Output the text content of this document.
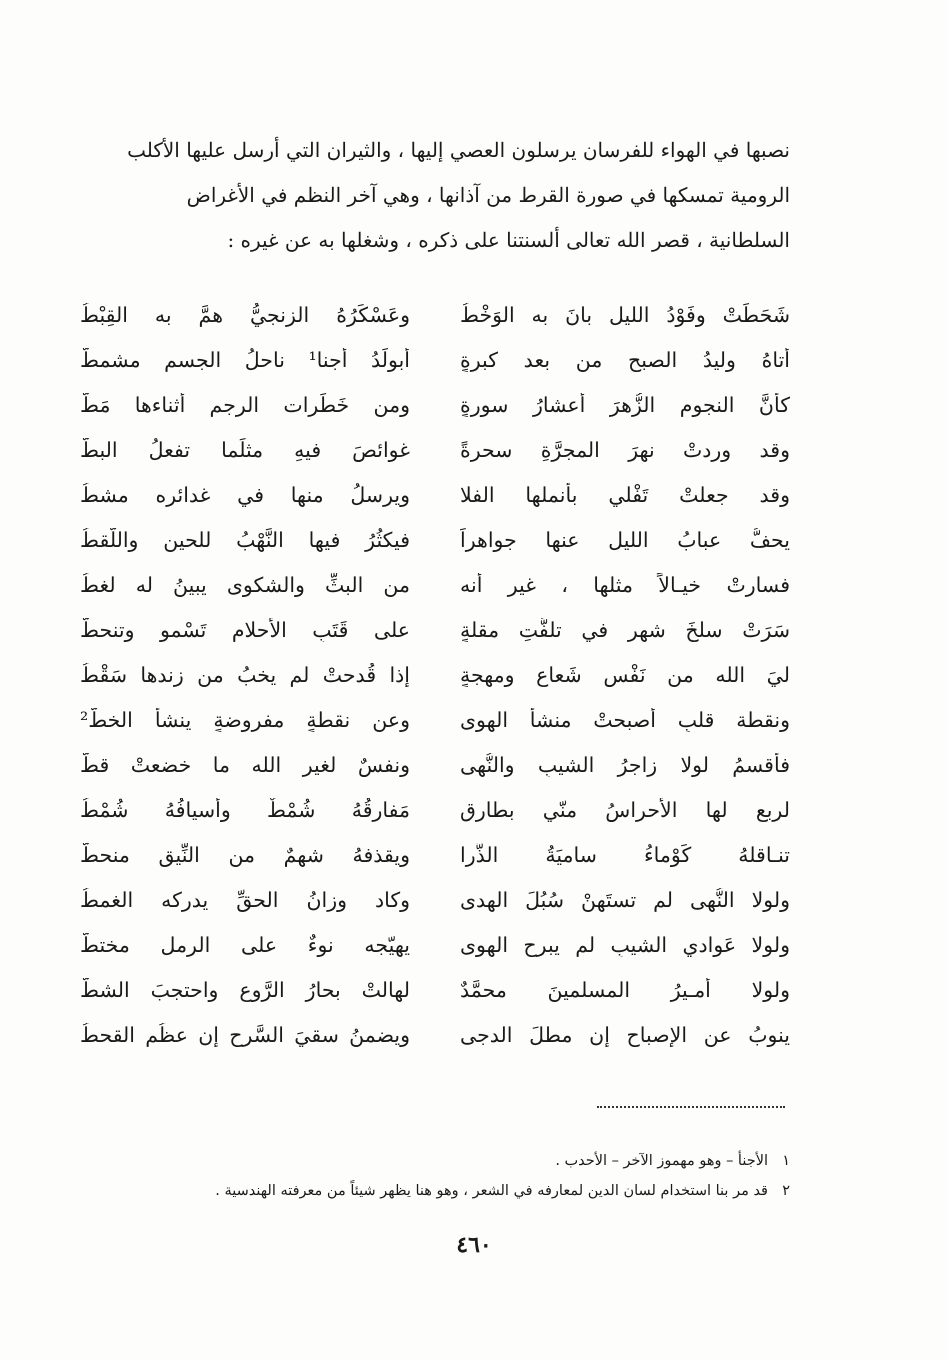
نصبها في الهواء للفرسان يرسلون العصي إليها ، والثيران التي أرسل عليها الأكلب

الرومية تمسكها في صورة القرط من آذانها ، وهي آخر النظم في الأغراض

السلطانية ، قصر الله تعالى ألسنتنا على ذكره ، وشغلها به عن غيره :

شَحَطَتْ وفَوْدُ الليل بانَ به الوَخْطُ
وعَسْكَرُهُ الزنجيُّ همَّ به القِبْطُ
أتاهُ وليدُ الصبحِ من بعد كبرةٍ
أبولَدُ أجنا¹ ناحلُ الجسمِ مشمطُّ
كأنَّ النجوم الزُّهرَ أعشارُ سورةٍ
ومن خَطَرات الرجمِ أثناءها مَطُّ
وقد وردتْ نهرَ المجرَّةِ سحرةً
غوائصَ فيهِ مثلَما تفعلُ البطُّ
وقد جعلتْ تَفْلي بأنملها الفلا
ويرسلُ منها في غدائره مشطُ
يحفُّ عبابُ الليلِ عنها جواهراً
فيكثُرُ فيها النَّهْبُ للحينِ واللَّقطُ
فسارتْ خيـالاً مثلها ، غير أنه
من البثِّ والشكوى يبينُ له لغطُ
سَرَتْ سلخَ شهرٍ في تلفُّتِ مقلةٍ
على قَتَبِ الأحلامِ تَسْمو وتنحطُّ
ليَ الله من نَفْسٍ شَعاعٍ ومهجةٍ
إذا قُدحتْ لم يخبُ من زندها سَقْطُ
ونقطة قلبٍ أصبحتْ منشأ الهوى
وعن نقطةٍ مفروضةٍ ينشأ الخطُّ²
فأُقسمُ لولا زاجرُ الشيبِ والنُّهى
ونفسٌ لغيرِ الله ما خضعتْ قطُّ
لربع لها الأحراسُ منّي بطارقٍ
مَفارقُهُ شُمْطٌ وأسيافُهُ شُمْطُ
تنـاقلهُ كَوْماءُ ساميَةُ الذُّرا
ويقذفهُ شهمٌ من النِّيقِ منحطُّ
ولولا النُّهى لم تستَهِنْ سُبُلَ الهدى
وكاد وزانُ الحقِّ يدركه الغمطُ
ولولا عَوادي الشيبِ لم يبرحِ الهوى
يهيّجه نوءٌ على الرملِ مختطُّ
ولولا أمـيرُ المسلمينَ محمَّدٌ
لهالتْ بحارُ الرَّوعِ واحتجبَ الشطُّ
ينوبُ عن الإصباحِ إن مطلَ الدجى
ويضمنُ سقيَ السَّرحِ إن عظُم القحطُ
١
الأجنأ – وهو مهموز الآخر – الأحدب .
٢
قد مر بنا استخدام لسان الدين لمعارفه في الشعر ، وهو هنا يظهر شيئاً من معرفته الهندسية .
٤٦٠
